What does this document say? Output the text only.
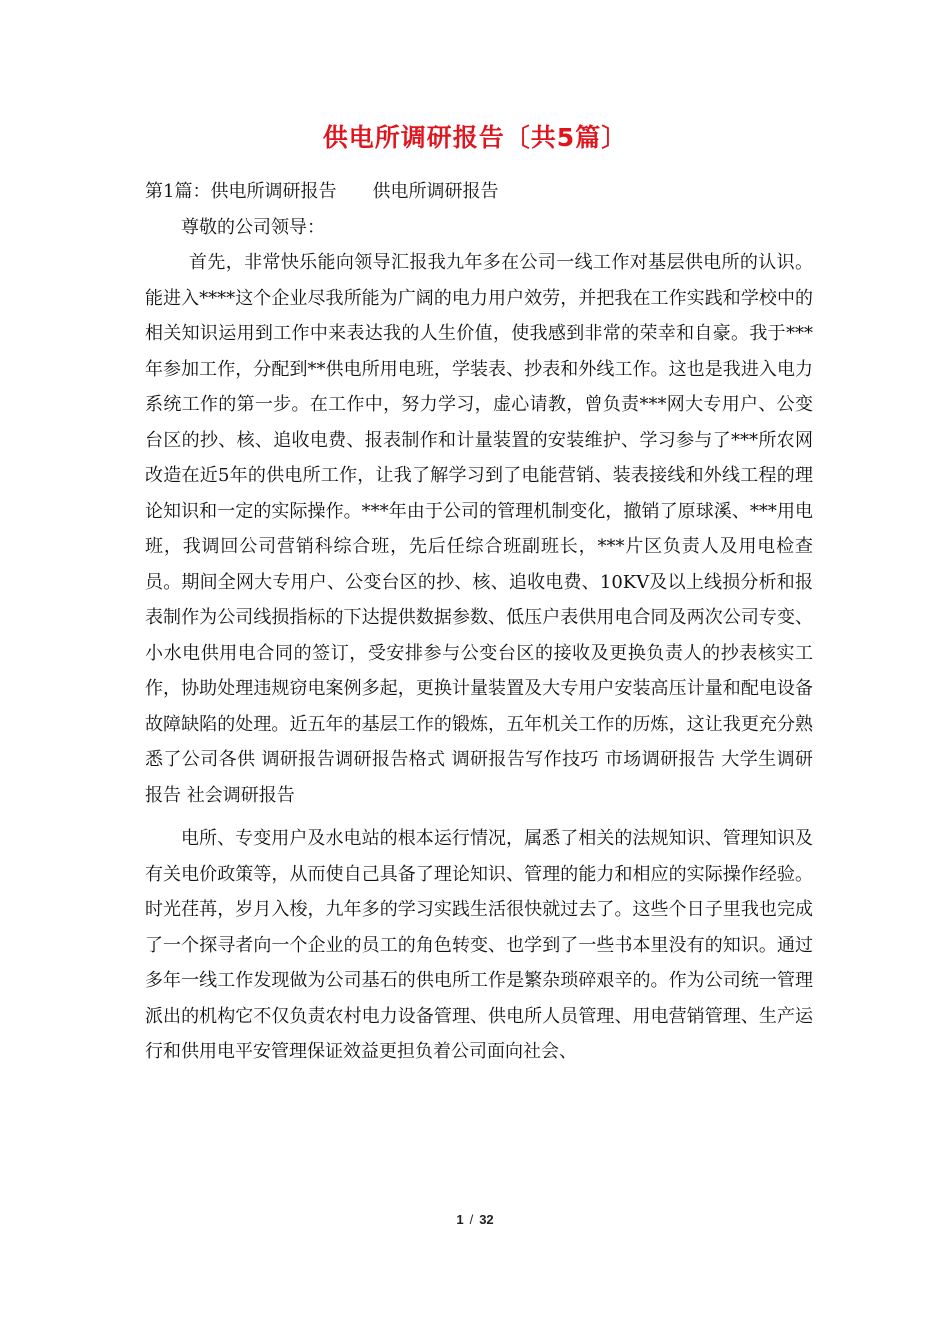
供电所调研报告〔共5篇〕

第1篇：供电所调研报告 供电所调研报告

尊敬的公司领导：

首先，非常快乐能向领导汇报我九年多在公司一线工作对基层供电所的认识。能进入****这个企业尽我所能为广阔的电力用户效劳，并把我在工作实践和学校中的相关知识运用到工作中来表达我的人生价值，使我感到非常的荣幸和自豪。我于***年参加工作，分配到**供电所用电班，学装表、抄表和外线工作。这也是我进入电力系统工作的第一步。在工作中，努力学习，虚心请教，曾负责***网大专用户、公变台区的抄、核、追收电费、报表制作和计量装置的安装维护、学习参与了***所农网改造在近5年的供电所工作，让我了解学习到了电能营销、装表接线和外线工程的理论知识和一定的实际操作。***年由于公司的管理机制变化，撤销了原球溪、***用电班，我调回公司营销科综合班，先后任综合班副班长，***片区负责人及用电检查员。期间全网大专用户、公变台区的抄、核、追收电费、10KV及以上线损分析和报表制作为公司线损指标的下达提供数据参数、低压户表供用电合同及两次公司专变、小水电供用电合同的签订，受安排参与公变台区的接收及更换负责人的抄表核实工作，协助处理违规窃电案例多起，更换计量装置及大专用户安装高压计量和配电设备故障缺陷的处理。近五年的基层工作的锻炼，五年机关工作的历炼，这让我更充分熟悉了公司各供 调研报告调研报告格式 调研报告写作技巧 市场调研报告 大学生调研报告 社会调研报告

电所、专变用户及水电站的根本运行情况，属悉了相关的法规知识、管理知识及有关电价政策等，从而使自己具备了理论知识、管理的能力和相应的实际操作经验。时光荏苒，岁月入梭，九年多的学习实践生活很快就过去了。这些个日子里我也完成了一个探寻者向一个企业的员工的角色转变、也学到了一些书本里没有的知识。通过多年一线工作发现做为公司基石的供电所工作是繁杂琐碎艰辛的。作为公司统一管理派出的机构它不仅负责农村电力设备管理、供电所人员管理、用电营销管理、生产运行和供用电平安管理保证效益更担负着公司面向社会、

1 / 32
